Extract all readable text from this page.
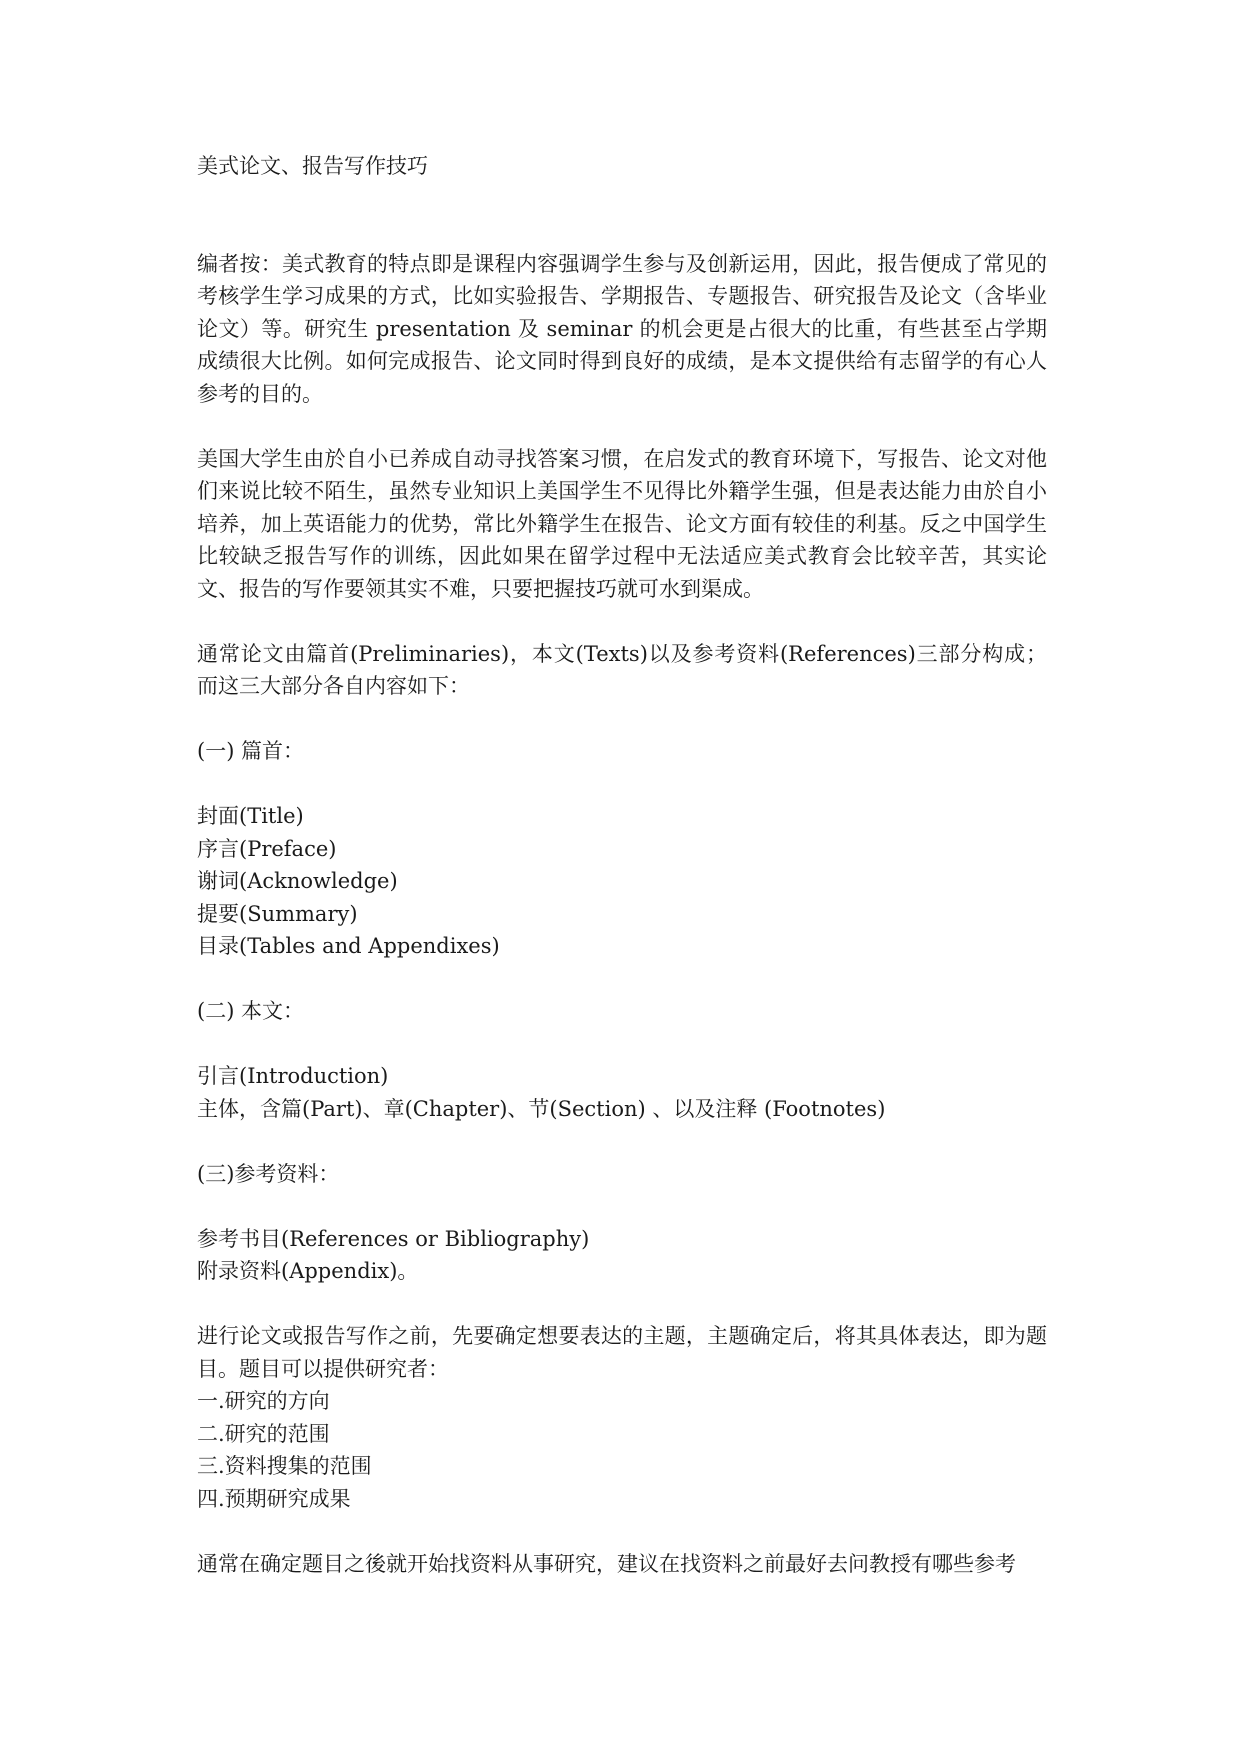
美式论文、报告写作技巧

编者按：美式教育的特点即是课程内容强调学生参与及创新运用，因此，报告便成了常见的考核学生学习成果的方式，比如实验报告、学期报告、专题报告、研究报告及论文（含毕业论文）等。研究生 presentation 及 seminar 的机会更是占很大的比重，有些甚至占学期成绩很大比例。如何完成报告、论文同时得到良好的成绩，是本文提供给有志留学的有心人参考的目的。

美国大学生由於自小已养成自动寻找答案习惯，在启发式的教育环境下，写报告、论文对他们来说比较不陌生，虽然专业知识上美国学生不见得比外籍学生强，但是表达能力由於自小培养，加上英语能力的优势，常比外籍学生在报告、论文方面有较佳的利基。反之中国学生比较缺乏报告写作的训练，因此如果在留学过程中无法适应美式教育会比较辛苦，其实论文、报告的写作要领其实不难，只要把握技巧就可水到渠成。

通常论文由篇首(Preliminaries)，本文(Texts)以及参考资料(References)三部分构成；而这三大部分各自内容如下：

(一) 篇首：

封面(Title)
序言(Preface)
谢词(Acknowledge)
提要(Summary)
目录(Tables and Appendixes)

(二) 本文：

引言(Introduction)
主体，含篇(Part)、章(Chapter)、节(Section) 、以及注释 (Footnotes)

(三)参考资料：

参考书目(References or Bibliography)
附录资料(Appendix)。

进行论文或报告写作之前，先要确定想要表达的主题，主题确定后，将其具体表达，即为题目。题目可以提供研究者：

一.研究的方向
二.研究的范围
三.资料搜集的范围
四.预期研究成果

通常在确定题目之後就开始找资料从事研究，建议在找资料之前最好去问教授有哪些参考
